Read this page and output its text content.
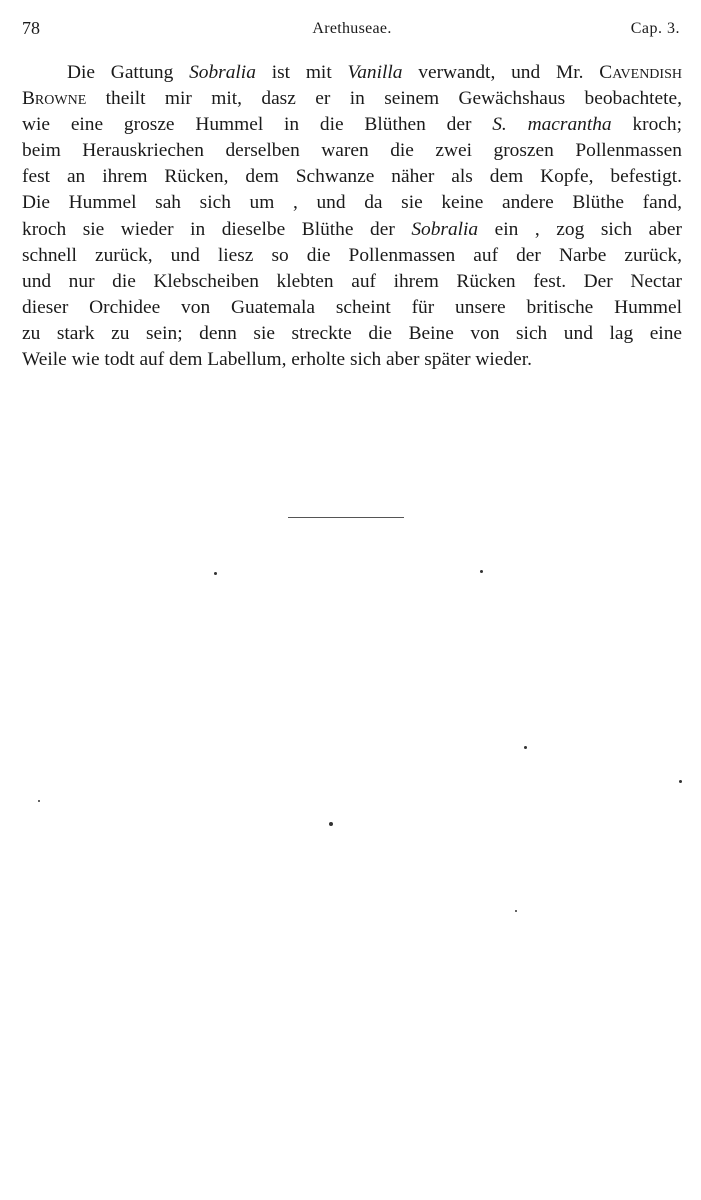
78	Arethuseae.	Cap. 3.
Die Gattung Sobralia ist mit Vanilla verwandt, und Mr. Cavendish
Browne theilt mir mit, dasz er in seinem Gewächshaus beobachtete,
wie eine grosze Hummel in die Blüthen der S. macrantha kroch;
beim Herauskriechen derselben waren die zwei groszen Pollenmassen
fest an ihrem Rücken, dem Schwanze näher als dem Kopfe, befestigt.
Die Hummel sah sich um , und da sie keine andere Blüthe fand,
kroch sie wieder in dieselbe Blüthe der Sobralia ein , zog sich aber
schnell zurück, und liesz so die Pollenmassen auf der Narbe zurück,
und nur die Klebscheiben klebten auf ihrem Rücken fest. Der Nectar
dieser Orchidee von Guatemala scheint für unsere britische Hummel
zu stark zu sein; denn sie streckte die Beine von sich und lag eine
Weile wie todt auf dem Labellum, erholte sich aber später wieder.
